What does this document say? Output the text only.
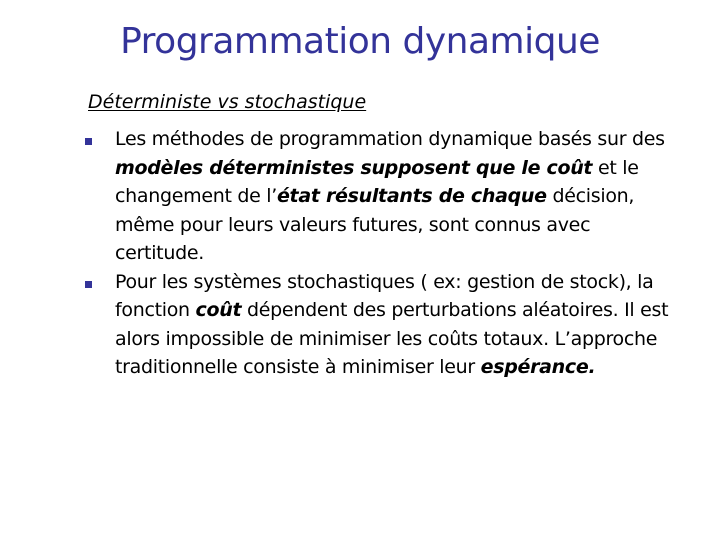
Programmation dynamique
Déterministe vs stochastique
Les méthodes de programmation dynamique basés sur des modèles déterministes supposent que le coût et le changement de l’état résultants de chaque décision, même pour leurs valeurs futures, sont connus avec certitude.
Pour les systèmes stochastiques ( ex: gestion de stock), la fonction coût dépendent des perturbations aléatoires. Il est alors impossible de minimiser les coûts totaux. L’approche traditionnelle consiste à minimiser leur espérance.
